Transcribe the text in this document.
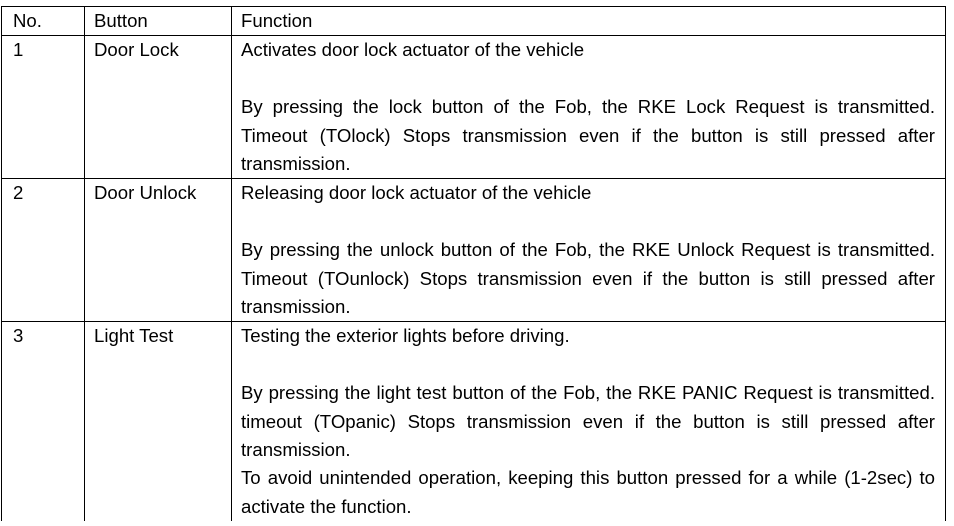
No.	Button	Function
1	Door Lock	Activates door lock actuator of the vehicle

By pressing the lock button of the Fob, the RKE Lock Request is transmitted. Timeout (TOlock) Stops transmission even if the button is still pressed after transmission.

2	Door Unlock	Releasing door lock actuator of the vehicle

By pressing the unlock button of the Fob, the RKE Unlock Request is transmitted. Timeout (TOunlock) Stops transmission even if the button is still pressed after transmission.

3	Light Test	Testing the exterior lights before driving.

By pressing the light test button of the Fob, the RKE PANIC Request is transmitted. timeout (TOpanic) Stops transmission even if the button is still pressed after transmission.

To avoid unintended operation, keeping this button pressed for a while (1-2sec) to activate the function.
